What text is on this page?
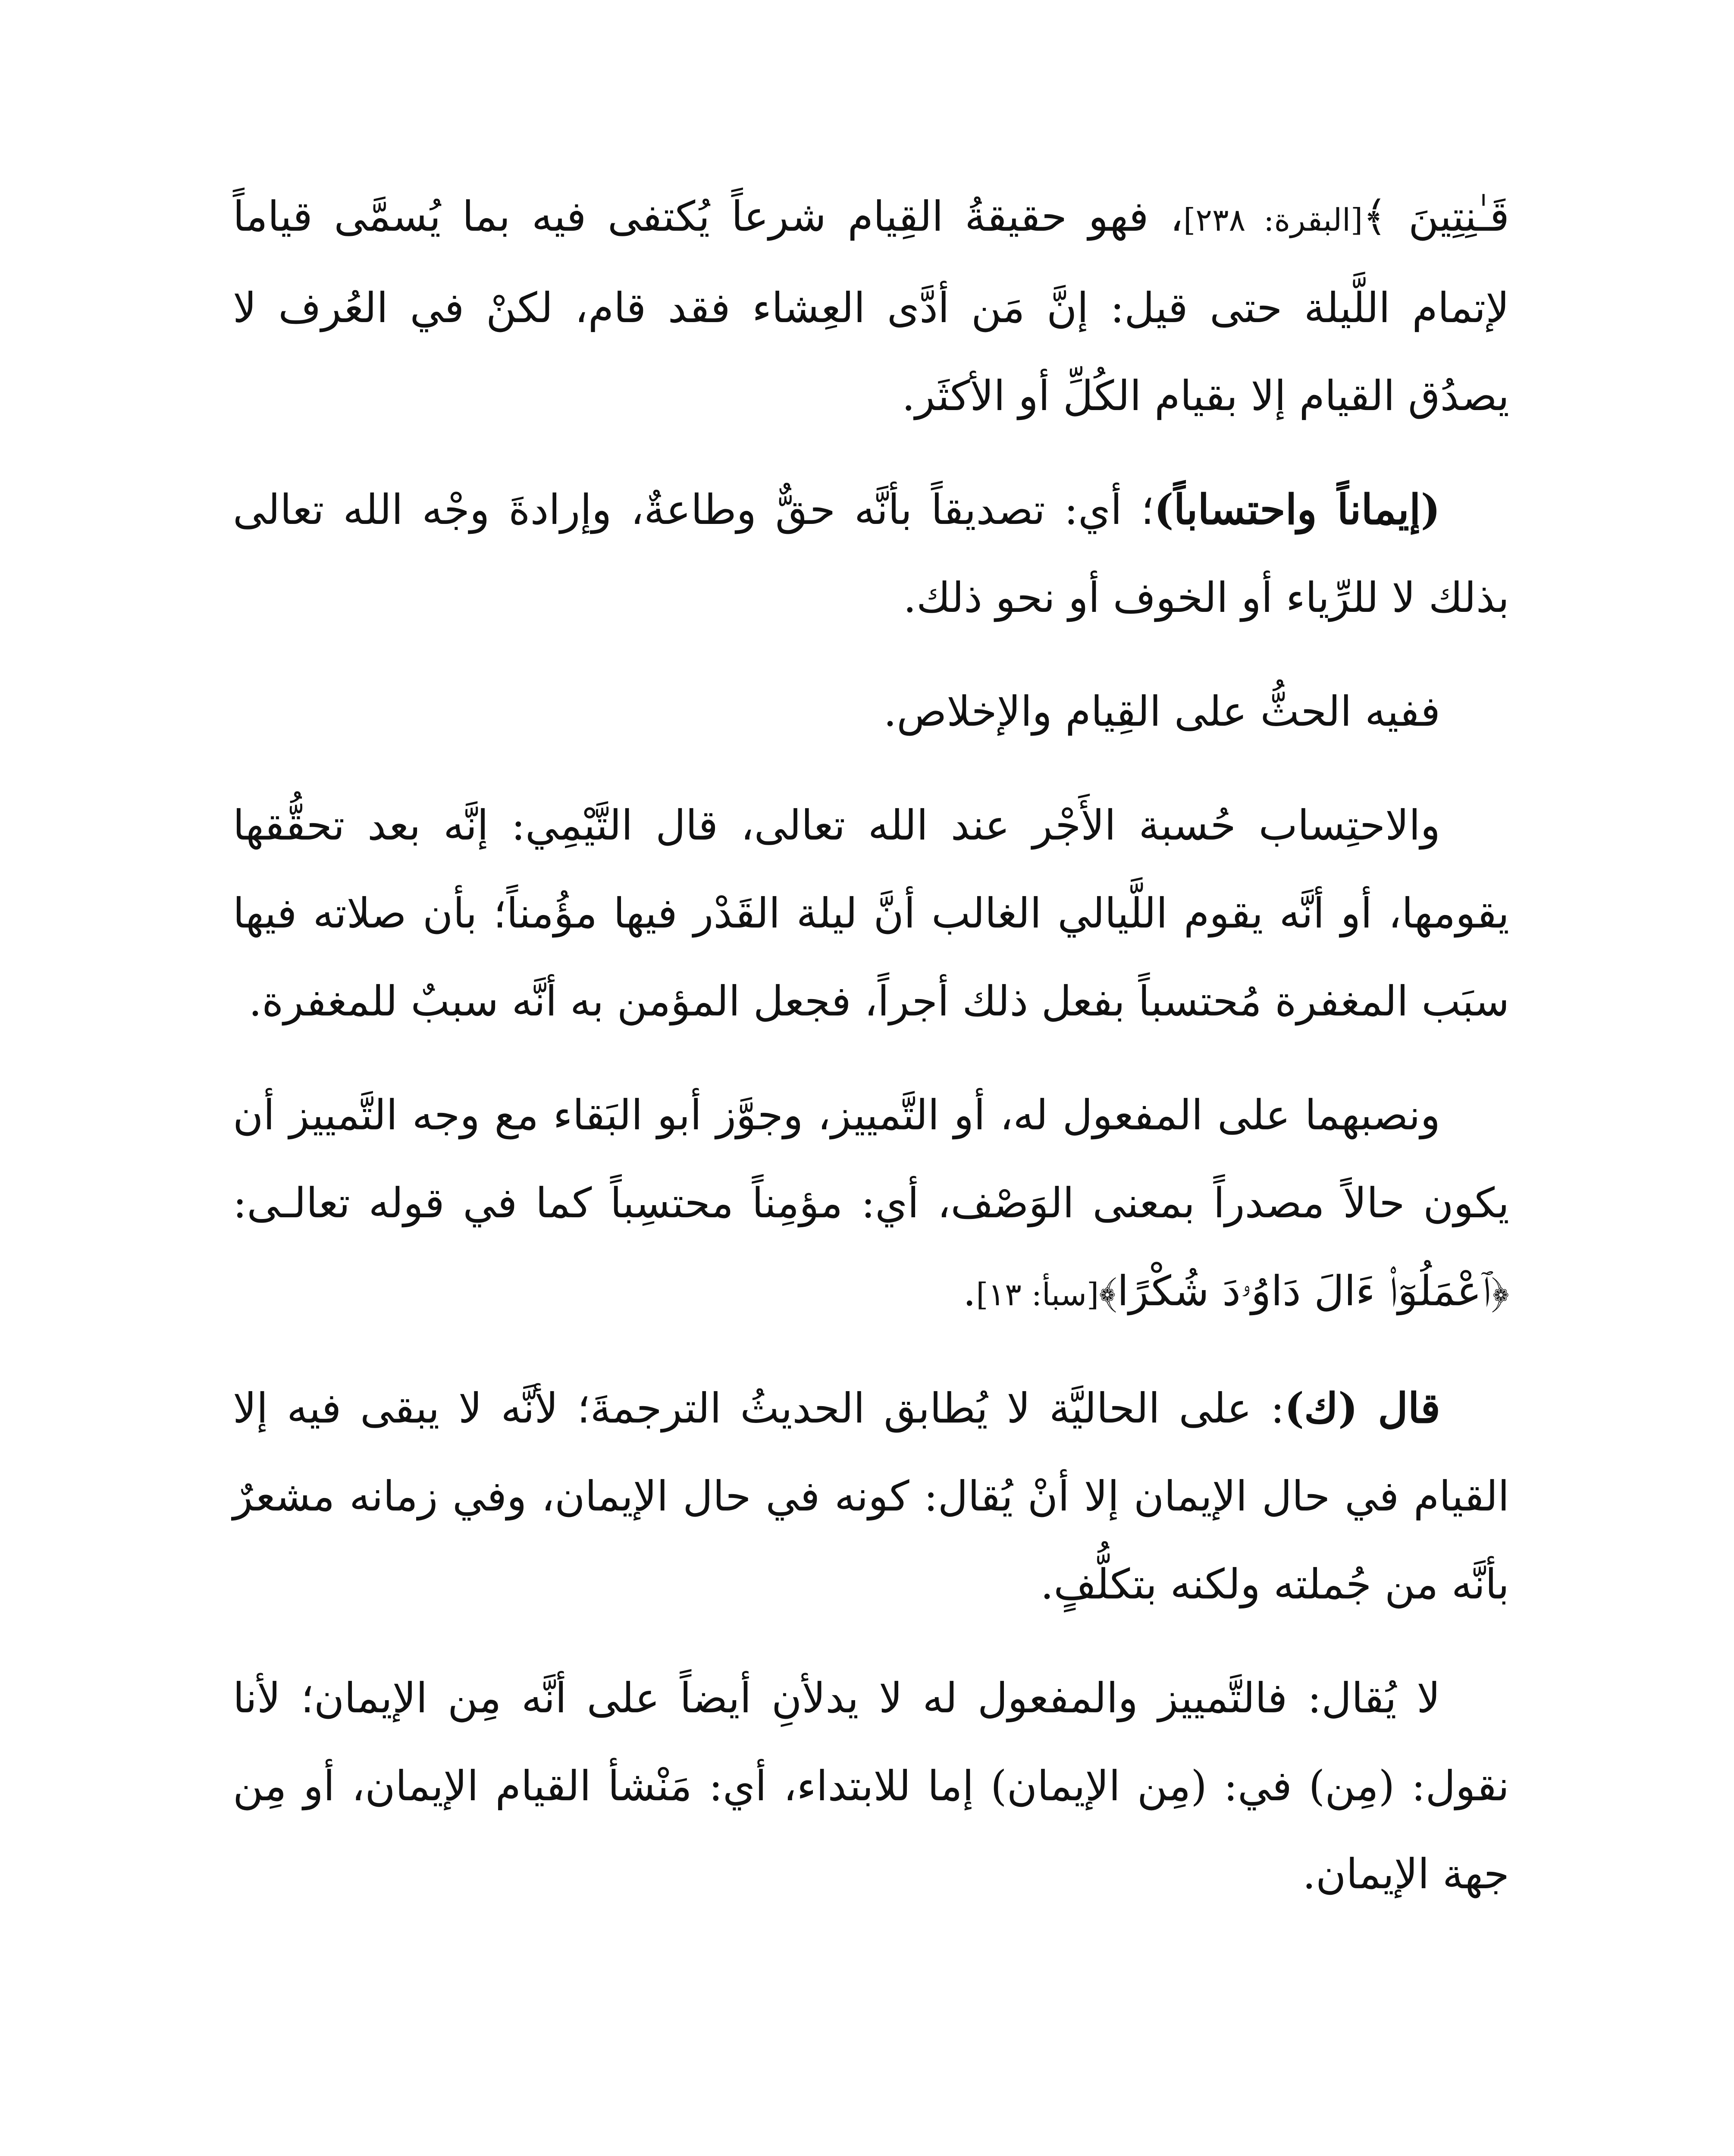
قَـٰنِتِينَ ﴾[البقرة: ٢٣٨]، فهو حقيقةُ القِيام شرعاً يُكتفى فيه بما يُسمَّى قياماً لإتمام اللَّيلة حتى قيل: إنَّ مَن أدَّى العِشاء فقد قام، لكنْ في العُرف لا يصدُق القيام إلا بقيام الكُلِّ أو الأكثَر.

(إيماناً واحتساباً)؛ أي: تصديقاً بأنَّه حقٌّ وطاعةٌ، وإرادةَ وجْه الله تعالى بذلك لا للرِّياء أو الخوف أو نحو ذلك.

ففيه الحثُّ على القِيام والإخلاص.

والاحتِساب حُسبة الأَجْر عند الله تعالى، قال التَّيْمِي: إنَّه بعد تحقُّقها يقومها، أو أنَّه يقوم اللَّيالي الغالب أنَّ ليلة القَدْر فيها مؤُمناً؛ بأن صلاته فيها سبَب المغفرة مُحتسباً بفعل ذلك أجراً، فجعل المؤمن به أنَّه سببٌ للمغفرة.

ونصبهما على المفعول له، أو التَّمييز، وجوَّز أبو البَقاء مع وجه التَّمييز أن يكون حالاً مصدراً بمعنى الوَصْف، أي: مؤمِناً محتسِباً كما في قوله تعالـى: ﴿ٱعْمَلُوٓا۟ ءَالَ دَاوُۥدَ شُكْرًا﴾[سبأ: ١٣].

قال (ك): على الحاليَّة لا يُطابق الحديثُ الترجمةَ؛ لأنَّه لا يبقى فيه إلا القيام في حال الإيمان إلا أنْ يُقال: كونه في حال الإيمان، وفي زمانه مشعرٌ بأنَّه من جُملته ولكنه بتكلُّفٍ.

لا يُقال: فالتَّمييز والمفعول له لا يدلأنِ أيضاً على أنَّه مِن الإيمان؛ لأنا نقول: (مِن) في: (مِن الإيمان) إما للابتداء، أي: مَنْشأ القيام الإيمان، أو مِن جهة الإيمان.
